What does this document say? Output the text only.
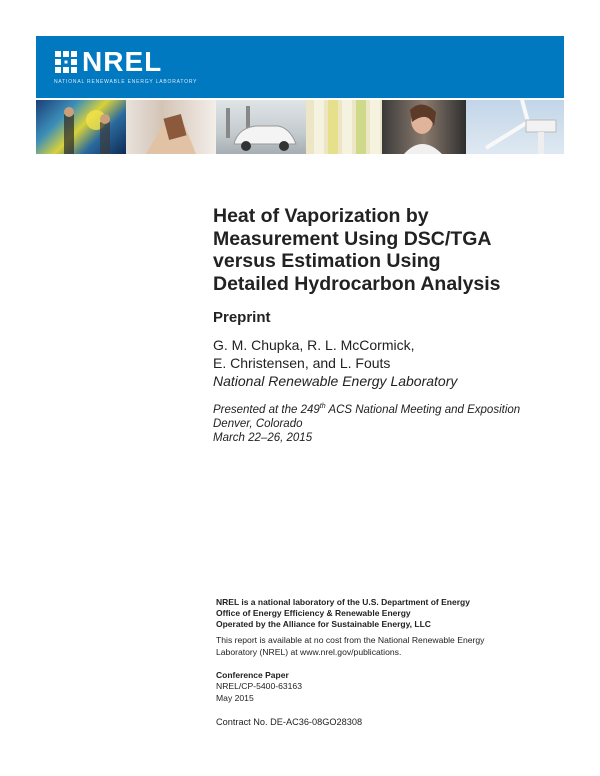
NREL
NATIONAL RENEWABLE ENERGY LABORATORY
Heat of Vaporization by
Measurement Using DSC/TGA
versus Estimation Using
Detailed Hydrocarbon Analysis
Preprint
G. M. Chupka, R. L. McCormick,
E. Christensen, and L. Fouts
National Renewable Energy Laboratory
Presented at the 249th ACS National Meeting and Exposition
Denver, Colorado
March 22–26, 2015
NREL is a national laboratory of the U.S. Department of Energy
Office of Energy Efficiency & Renewable Energy
Operated by the Alliance for Sustainable Energy, LLC
This report is available at no cost from the National Renewable Energy
Laboratory (NREL) at www.nrel.gov/publications.
Conference Paper
NREL/CP-5400-63163
May 2015
Contract No. DE-AC36-08GO28308
